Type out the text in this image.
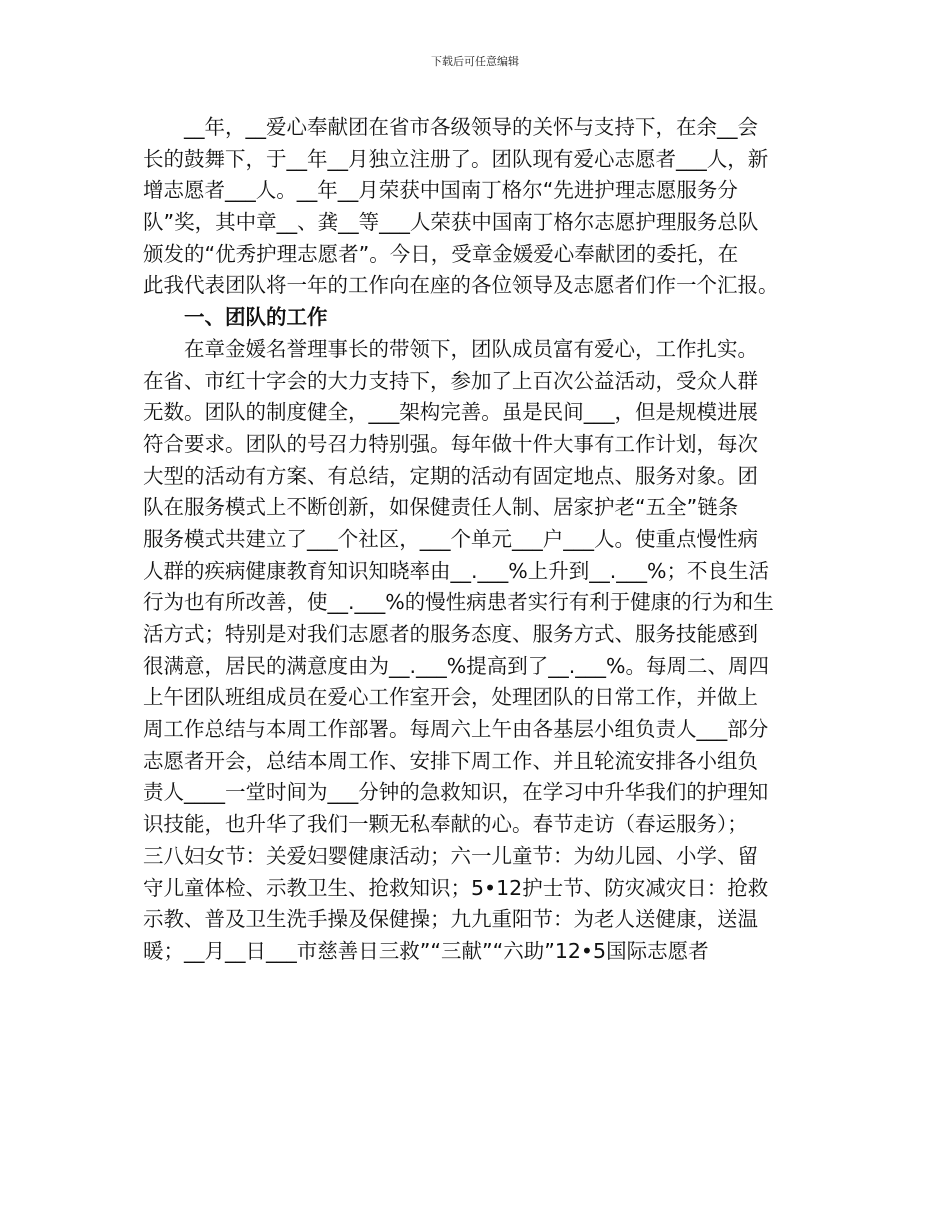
下载后可任意编辑
__年，__爱心奉献团在省市各级领导的关怀与支持下，在余__会
长的鼓舞下，于__年__月独立注册了。团队现有爱心志愿者___人，新
增志愿者___人。__年__月荣获中国南丁格尔“先进护理志愿服务分
队”奖，其中章__、龚__等___人荣获中国南丁格尔志愿护理服务总队
颁发的“优秀护理志愿者”。今日，受章金媛爱心奉献团的委托，在
此我代表团队将一年的工作向在座的各位领导及志愿者们作一个汇报。
一、团队的工作
在章金媛名誉理事长的带领下，团队成员富有爱心，工作扎实。
在省、市红十字会的大力支持下，参加了上百次公益活动，受众人群
无数。团队的制度健全，___架构完善。虽是民间___，但是规模进展
符合要求。团队的号召力特别强。每年做十件大事有工作计划，每次
大型的活动有方案、有总结，定期的活动有固定地点、服务对象。团
队在服务模式上不断创新，如保健责任人制、居家护老“五全”链条
服务模式共建立了___个社区，___个单元___户___人。使重点慢性病
人群的疾病健康教育知识知晓率由__.___%上升到__.___%；不良生活
行为也有所改善，使__.___%的慢性病患者实行有利于健康的行为和生
活方式；特别是对我们志愿者的服务态度、服务方式、服务技能感到
很满意，居民的满意度由为__.___%提高到了__.___%。每周二、周四
上午团队班组成员在爱心工作室开会，处理团队的日常工作，并做上
周工作总结与本周工作部署。每周六上午由各基层小组负责人___部分
志愿者开会，总结本周工作、安排下周工作、并且轮流安排各小组负
责人____一堂时间为___分钟的急救知识，在学习中升华我们的护理知
识技能，也升华了我们一颗无私奉献的心。春节走访（春运服务）；
三八妇女节：关爱妇婴健康活动；六一儿童节：为幼儿园、小学、留
守儿童体检、示教卫生、抢救知识；5•12护士节、防灾减灾日：抢救
示教、普及卫生洗手操及保健操；九九重阳节：为老人送健康，送温
暖；__月__日___市慈善日三救”“三献”“六助”12•5国际志愿者
